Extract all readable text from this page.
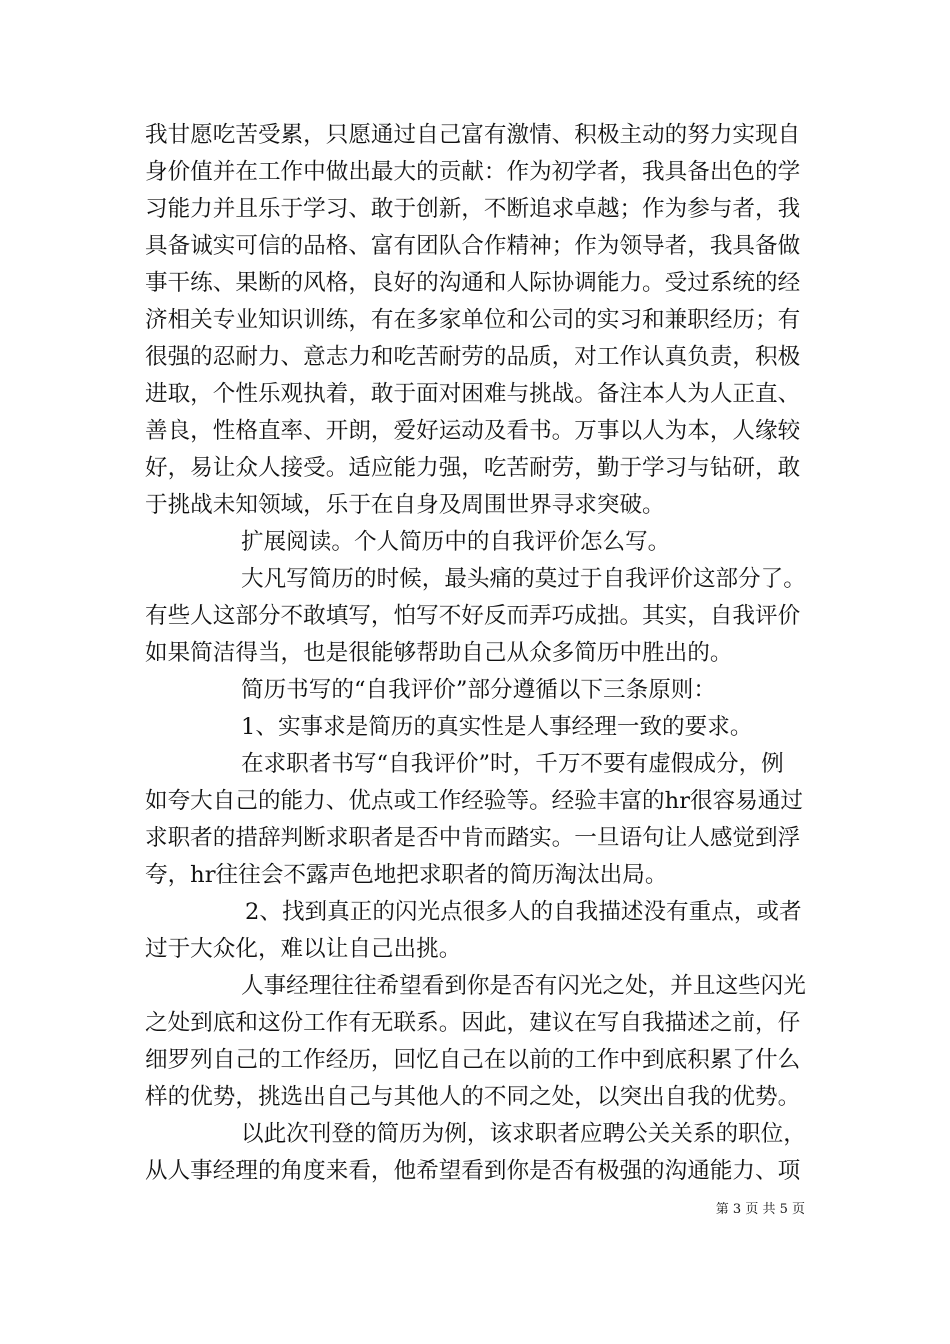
我甘愿吃苦受累，只愿通过自己富有激情、积极主动的努力实现自
身价值并在工作中做出最大的贡献：作为初学者，我具备出色的学
习能力并且乐于学习、敢于创新，不断追求卓越；作为参与者，我
具备诚实可信的品格、富有团队合作精神；作为领导者，我具备做
事干练、果断的风格，良好的沟通和人际协调能力。受过系统的经
济相关专业知识训练，有在多家单位和公司的实习和兼职经历；有
很强的忍耐力、意志力和吃苦耐劳的品质，对工作认真负责，积极
进取，个性乐观执着，敢于面对困难与挑战。备注本人为人正直、
善良，性格直率、开朗，爱好运动及看书。万事以人为本，人缘较
好，易让众人接受。适应能力强，吃苦耐劳，勤于学习与钻研，敢
于挑战未知领域，乐于在自身及周围世界寻求突破。
扩展阅读。个人简历中的自我评价怎么写。
大凡写简历的时候，最头痛的莫过于自我评价这部分了。
有些人这部分不敢填写，怕写不好反而弄巧成拙。其实，自我评价
如果简洁得当，也是很能够帮助自己从众多简历中胜出的。
简历书写的“自我评价”部分遵循以下三条原则：
1、实事求是简历的真实性是人事经理一致的要求。
在求职者书写“自我评价”时，千万不要有虚假成分，例
如夸大自己的能力、优点或工作经验等。经验丰富的hr很容易通过
求职者的措辞判断求职者是否中肯而踏实。一旦语句让人感觉到浮
夸，hr往往会不露声色地把求职者的简历淘汰出局。
2、找到真正的闪光点很多人的自我描述没有重点，或者
过于大众化，难以让自己出挑。
人事经理往往希望看到你是否有闪光之处，并且这些闪光
之处到底和这份工作有无联系。因此，建议在写自我描述之前，仔
细罗列自己的工作经历，回忆自己在以前的工作中到底积累了什么
样的优势，挑选出自己与其他人的不同之处，以突出自我的优势。
以此次刊登的简历为例，该求职者应聘公关关系的职位，
从人事经理的角度来看，他希望看到你是否有极强的沟通能力、项
第 3 页 共 5 页
